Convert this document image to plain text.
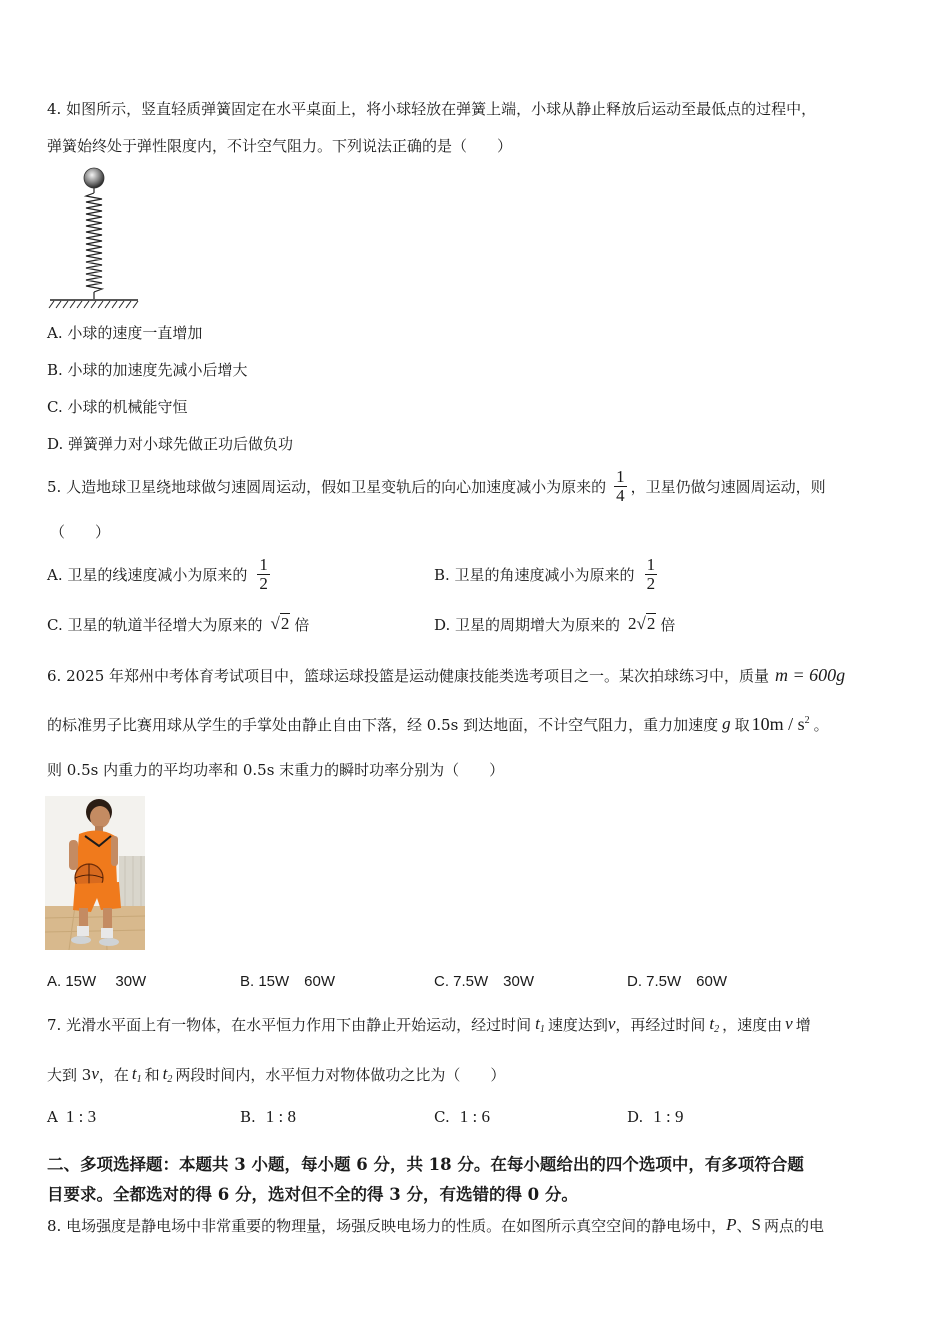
4. 如图所示，竖直轻质弹簧固定在水平桌面上，将小球轻放在弹簧上端，小球从静止释放后运动至最低点的过程中，
弹簧始终处于弹性限度内，不计空气阻力。下列说法正确的是（　　）
A. 小球的速度一直增加
B. 小球的加速度先减小后增大
C. 小球的机械能守恒
D. 弹簧弹力对小球先做正功后做负功
5. 人造地球卫星绕地球做匀速圆周运动，假如卫星变轨后的向心加速度减小为原来的 $\frac{1}{4}$ ，卫星仍做匀速圆周运动，则
（　　）
A. 卫星的线速度减小为原来的 $\frac{1}{2}$	B. 卫星的角速度减小为原来的 $\frac{1}{2}$
C. 卫星的轨道半径增大为原来的 √2 倍	D. 卫星的周期增大为原来的 2 √2 倍
6. 2025 年郑州中考体育考试项目中，篮球运球投篮是运动健康技能类选考项目之一。某次拍球练习中，质量 m = 600g
的标准男子比赛用球从学生的手掌处由静止自由下落，经 0.5s 到达地面，不计空气阻力，重力加速度 g 取 $10m / s^2$ 。
则 0.5s 内重力的平均功率和 0.5s 末重力的瞬时功率分别为（　　）
A. 15W　 30W	B. 15W　60W	C. 7.5W　30W	D. 7.5W　60W
7. 光滑水平面上有一物体，在水平恒力作用下由静止开始运动，经过时间 $t_1$ 速度达到 v ，再经过时间 $t_2$ ，速度由 v 增
大到 3 v ，在 $t_1$ 和 $t_2$ 两段时间内，水平恒力对物体做功之比为（　　）
A 1 : 3	B. 1 : 8	C. 1 : 6	D. 1 : 9
二、多项选择题：本题共 3 小题，每小题 6 分，共 18 分。在每小题给出的四个选项中，有多项符合题
目要求。全都选对的得 6 分，选对但不全的得 3 分，有选错的得 0 分。
8. 电场强度是静电场中非常重要的物理量，场强反映电场力的性质。在如图所示真空空间的静电场中， P 、 S 两点的电
